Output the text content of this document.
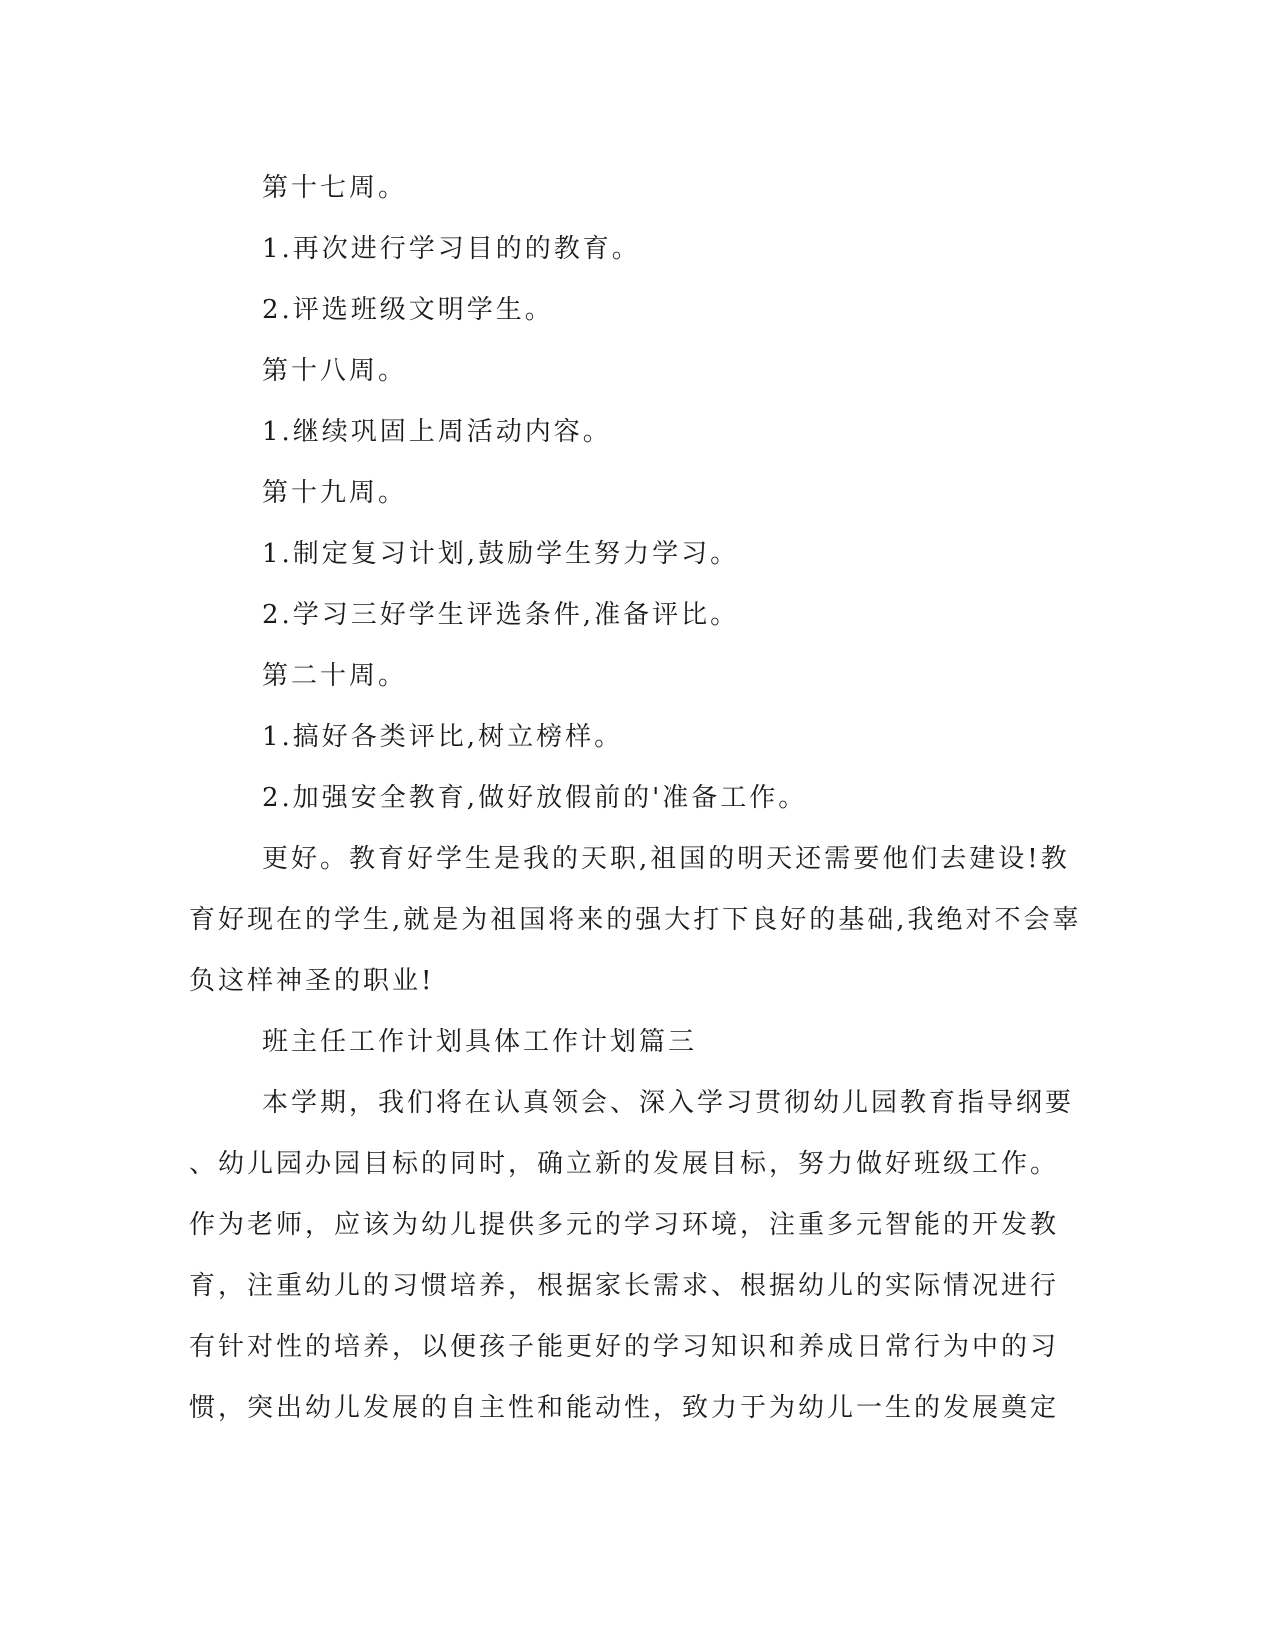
第十七周。
1.再次进行学习目的的教育。
2.评选班级文明学生。
第十八周。
1.继续巩固上周活动内容。
第十九周。
1.制定复习计划,鼓励学生努力学习。
2.学习三好学生评选条件,准备评比。
第二十周。
1.搞好各类评比,树立榜样。
2.加强安全教育,做好放假前的'准备工作。
更好。教育好学生是我的天职,祖国的明天还需要他们去建设!教
育好现在的学生,就是为祖国将来的强大打下良好的基础,我绝对不会辜
负这样神圣的职业!
班主任工作计划具体工作计划篇三
本学期，我们将在认真领会、深入学习贯彻幼儿园教育指导纲要
、幼儿园办园目标的同时，确立新的发展目标，努力做好班级工作。
作为老师，应该为幼儿提供多元的学习环境，注重多元智能的开发教
育，注重幼儿的习惯培养，根据家长需求、根据幼儿的实际情况进行
有针对性的培养，以便孩子能更好的学习知识和养成日常行为中的习
惯，突出幼儿发展的自主性和能动性，致力于为幼儿一生的发展奠定
